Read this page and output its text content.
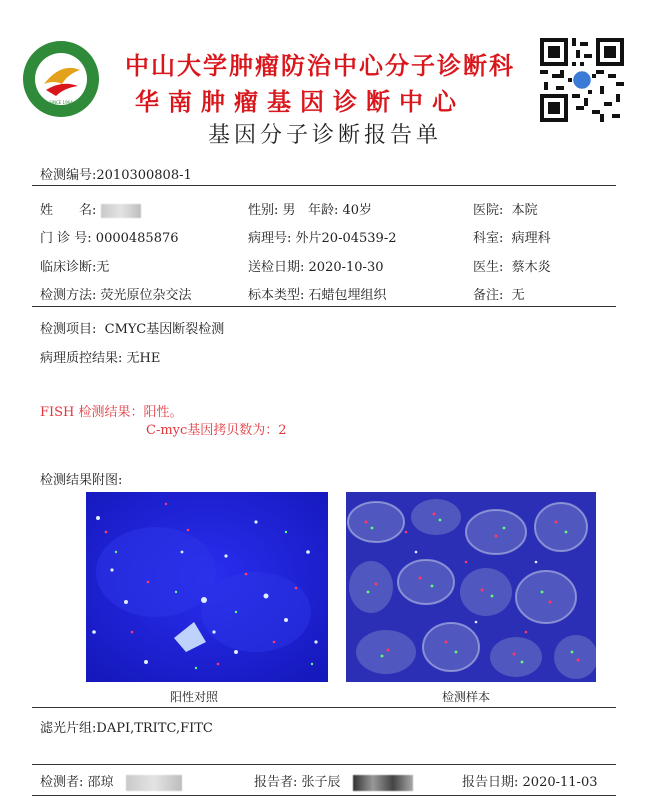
SINCE 1964
中山大学肿瘤防治中心分子诊断科
华南肿瘤基因诊断中心
基因分子诊断报告单
检测编号:2010300808-1
姓　　名:	性别: 男 年龄: 40岁	医院: 本院
门 诊 号: 0000485876	病理号: 外片20-04539-2	科室: 病理科
临床诊断:无	送检日期: 2020-10-30	医生: 蔡木炎
检测方法: 荧光原位杂交法	标本类型: 石蜡包埋组织	备注: 无
检测项目: CMYC基因断裂检测
病理质控结果: 无HE
FISH 检测结果：阳性。
C-myc基因拷贝数为：2
检测结果附图:
阳性对照	检测样本
滤光片组:DAPI,TRITC,FITC
检测者: 邵琼	报告者: 张子辰	报告日期: 2020-11-03
